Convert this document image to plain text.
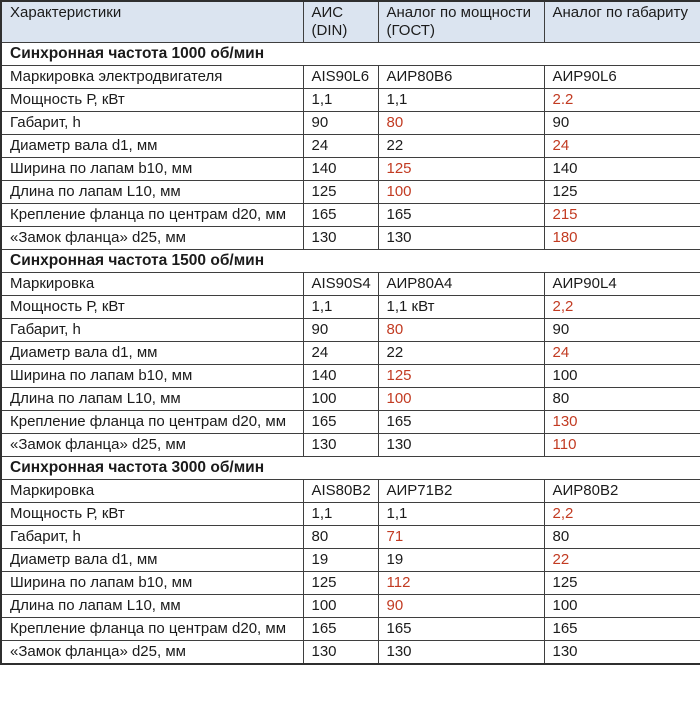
Характеристики	АИС (DIN)	Аналог по мощности (ГОСТ)	Аналог по габариту
Синхронная частота 1000 об/мин			
Маркировка электродвигателя	AIS90L6	АИР80В6	АИР90L6
Мощность Р, кВт	1,1	1,1	2.2
Габарит, h	90	80	90
Диаметр вала d1, мм	24	22	24
Ширина по лапам b10, мм	140	125	140
Длина по лапам L10, мм	125	100	125
Крепление фланца по центрам d20, мм	165	165	215
«Замок фланца» d25, мм	130	130	180
Синхронная частота 1500 об/мин			
Маркировка	AIS90S4	АИР80А4	АИР90L4
Мощность Р, кВт	1,1	1,1 кВт	2,2
Габарит, h	90	80	90
Диаметр вала d1, мм	24	22	24
Ширина по лапам b10, мм	140	125	100
Длина по лапам L10, мм	100	100	80
Крепление фланца по центрам d20, мм	165	165	130
«Замок фланца» d25, мм	130	130	110
Синхронная частота 3000 об/мин			
Маркировка	AIS80B2	АИР71В2	АИР80В2
Мощность Р, кВт	1,1	1,1	2,2
Габарит, h	80	71	80
Диаметр вала d1, мм	19	19	22
Ширина по лапам b10, мм	125	112	125
Длина по лапам L10, мм	100	90	100
Крепление фланца по центрам d20, мм	165	165	165
«Замок фланца» d25, мм	130	130	130
